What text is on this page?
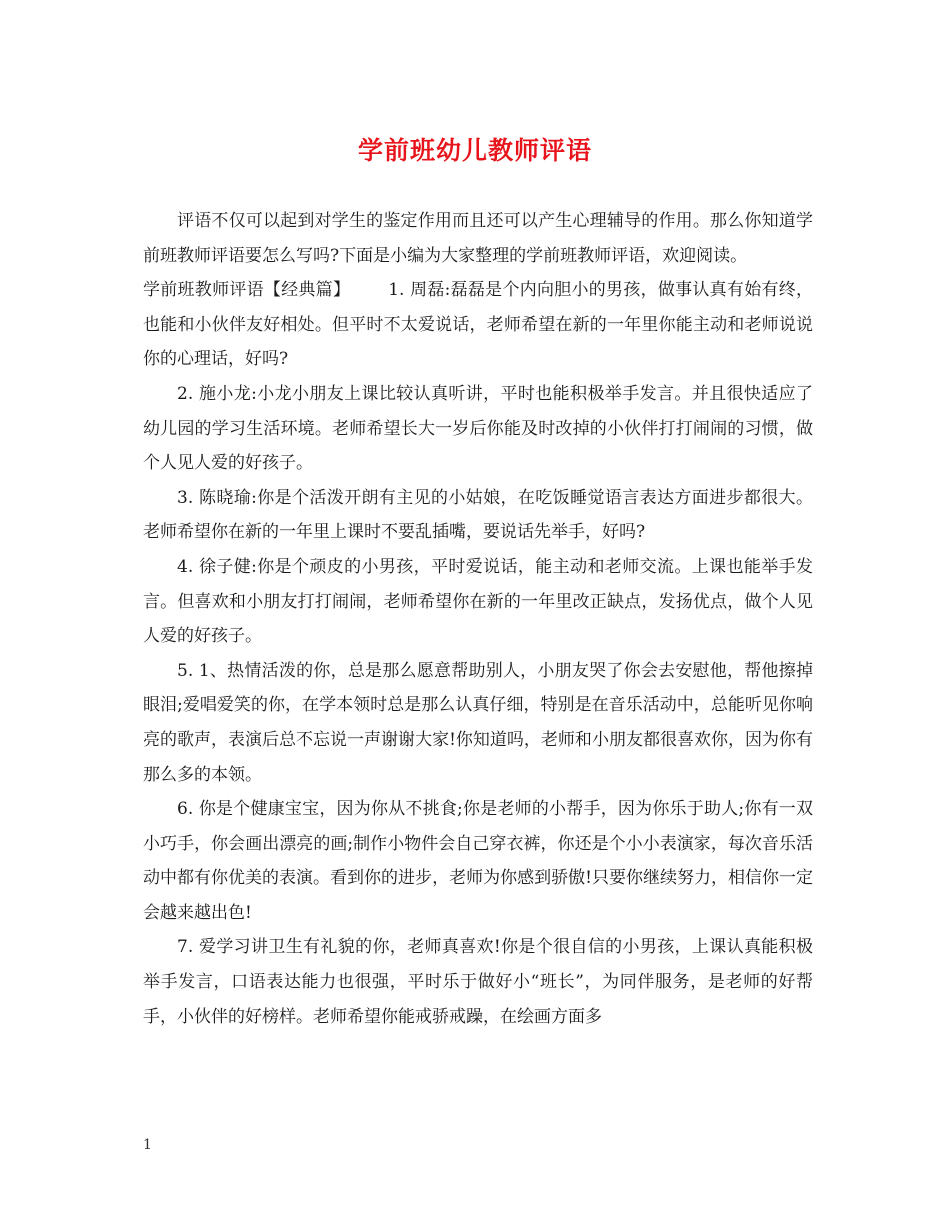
学前班幼儿教师评语

评语不仅可以起到对学生的鉴定作用而且还可以产生心理辅导的作用。那么你知道学前班教师评语要怎么写吗?下面是小编为大家整理的学前班教师评语，欢迎阅读。

学前班教师评语【经典篇】 1. 周磊:磊磊是个内向胆小的男孩，做事认真有始有终，也能和小伙伴友好相处。但平时不太爱说话，老师希望在新的一年里你能主动和老师说说你的心理话，好吗?

2. 施小龙:小龙小朋友上课比较认真听讲，平时也能积极举手发言。并且很快适应了幼儿园的学习生活环境。老师希望长大一岁后你能及时改掉的小伙伴打打闹闹的习惯，做个人见人爱的好孩子。

3. 陈晓瑜:你是个活泼开朗有主见的小姑娘，在吃饭睡觉语言表达方面进步都很大。老师希望你在新的一年里上课时不要乱插嘴，要说话先举手，好吗?

4. 徐子健:你是个顽皮的小男孩，平时爱说话，能主动和老师交流。上课也能举手发言。但喜欢和小朋友打打闹闹，老师希望你在新的一年里改正缺点，发扬优点，做个人见人爱的好孩子。

5. 1、热情活泼的你，总是那么愿意帮助别人，小朋友哭了你会去安慰他，帮他擦掉眼泪;爱唱爱笑的你，在学本领时总是那么认真仔细，特别是在音乐活动中，总能听见你响亮的歌声，表演后总不忘说一声谢谢大家!你知道吗，老师和小朋友都很喜欢你，因为你有那么多的本领。

6. 你是个健康宝宝，因为你从不挑食;你是老师的小帮手，因为你乐于助人;你有一双小巧手，你会画出漂亮的画;制作小物件会自己穿衣裤，你还是个小小表演家，每次音乐活动中都有你优美的表演。看到你的进步，老师为你感到骄傲!只要你继续努力，相信你一定会越来越出色!

7. 爱学习讲卫生有礼貌的你，老师真喜欢!你是个很自信的小男孩，上课认真能积极举手发言，口语表达能力也很强，平时乐于做好小“班长”，为同伴服务，是老师的好帮手，小伙伴的好榜样。老师希望你能戒骄戒躁，在绘画方面多

1
